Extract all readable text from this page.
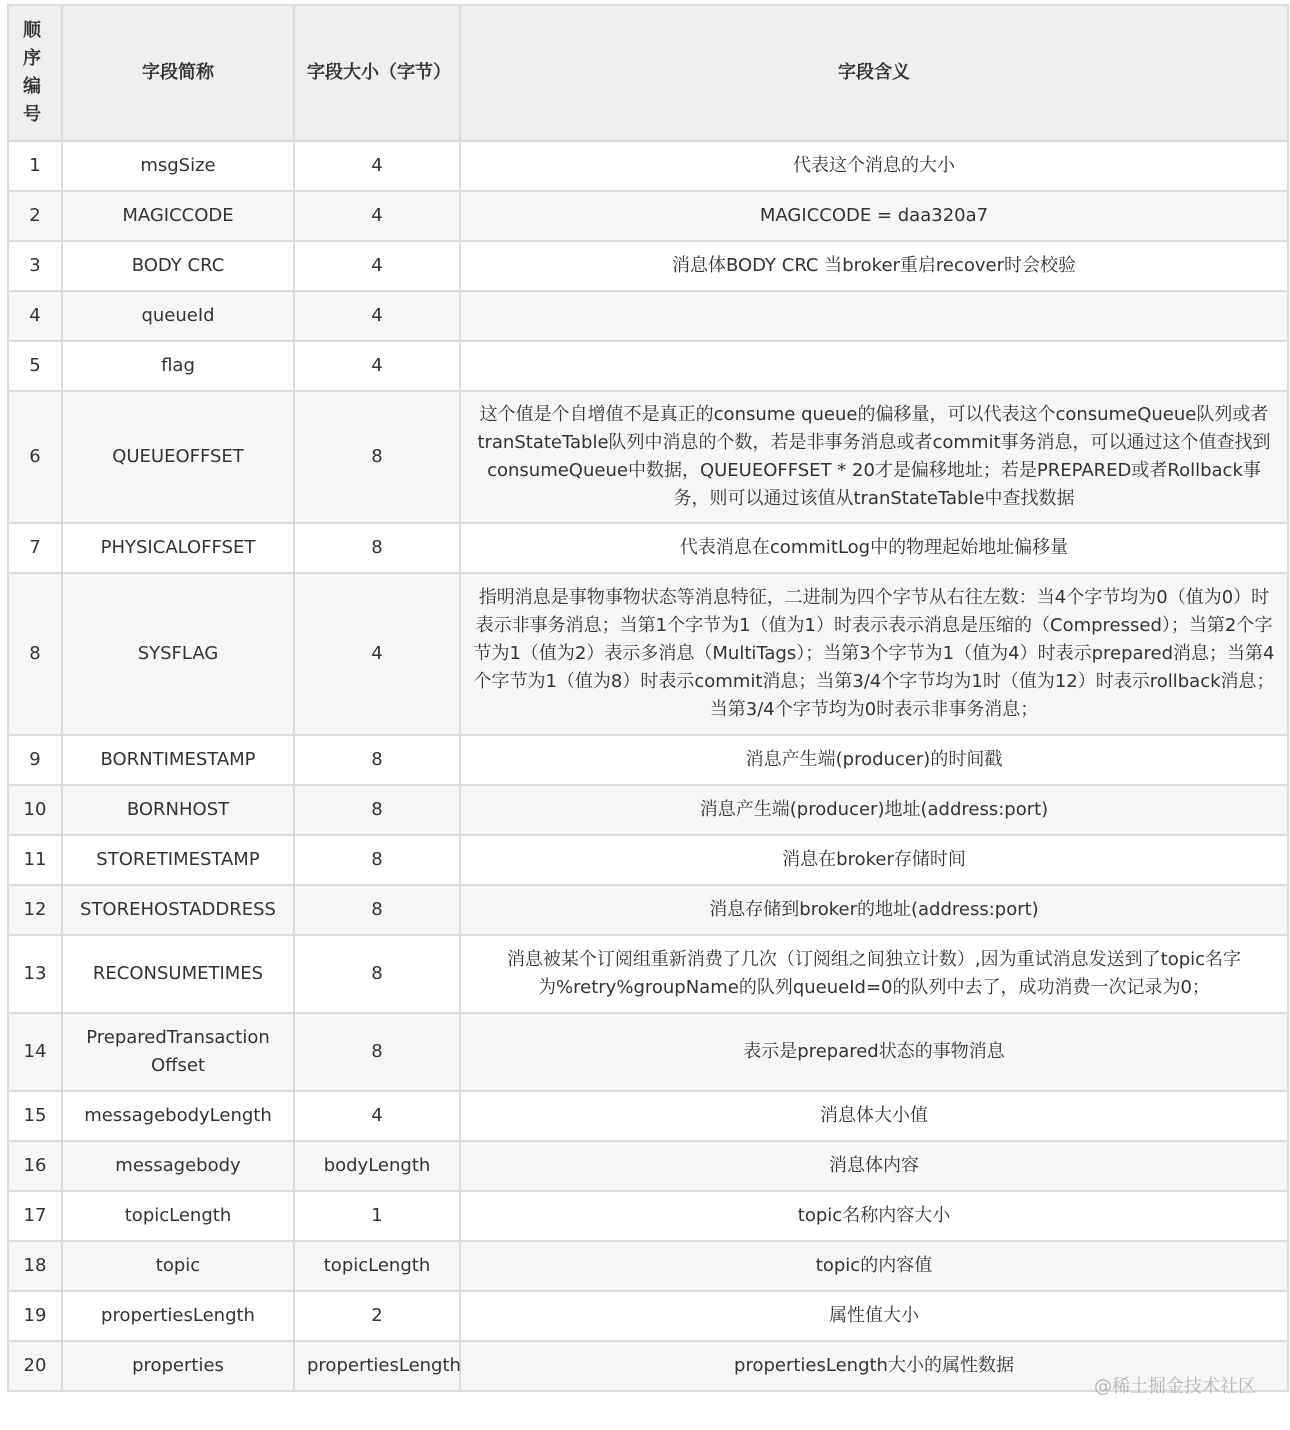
顺
序
编
号	字段简称	字段大小（字节）	字段含义
1	msgSize	4	代表这个消息的大小
2	MAGICCODE	4	MAGICCODE = daa320a7
3	BODY CRC	4	消息体BODY CRC 当broker重启recover时会校验
4	queueId	4	
5	flag	4	
6	QUEUEOFFSET	8	这个值是个自增值不是真正的consume queue的偏移量，可以代表这个consumeQueue队列或者tranStateTable队列中消息的个数，若是非事务消息或者commit事务消息，可以通过这个值查找到consumeQueue中数据，QUEUEOFFSET * 20才是偏移地址；若是PREPARED或者Rollback事务，则可以通过该值从tranStateTable中查找数据
7	PHYSICALOFFSET	8	代表消息在commitLog中的物理起始地址偏移量
8	SYSFLAG	4	指明消息是事物事物状态等消息特征，二进制为四个字节从右往左数：当4个字节均为0（值为0）时表示非事务消息；当第1个字节为1（值为1）时表示表示消息是压缩的（Compressed）；当第2个字节为1（值为2）表示多消息（MultiTags）；当第3个字节为1（值为4）时表示prepared消息；当第4个字节为1（值为8）时表示commit消息；当第3/4个字节均为1时（值为12）时表示rollback消息；当第3/4个字节均为0时表示非事务消息；
9	BORNTIMESTAMP	8	消息产生端(producer)的时间戳
10	BORNHOST	8	消息产生端(producer)地址(address:port)
11	STORETIMESTAMP	8	消息在broker存储时间
12	STOREHOSTADDRESS	8	消息存储到broker的地址(address:port)
13	RECONSUMETIMES	8	消息被某个订阅组重新消费了几次（订阅组之间独立计数）,因为重试消息发送到了topic名字为%retry%groupName的队列queueId=0的队列中去了，成功消费一次记录为0；
14	PreparedTransaction Offset	8	表示是prepared状态的事物消息
15	messagebodyLength	4	消息体大小值
16	messagebody	bodyLength	消息体内容
17	topicLength	1	topic名称内容大小
18	topic	topicLength	topic的内容值
19	propertiesLength	2	属性值大小
20	properties	propertiesLength	propertiesLength大小的属性数据
@稀土掘金技术社区
